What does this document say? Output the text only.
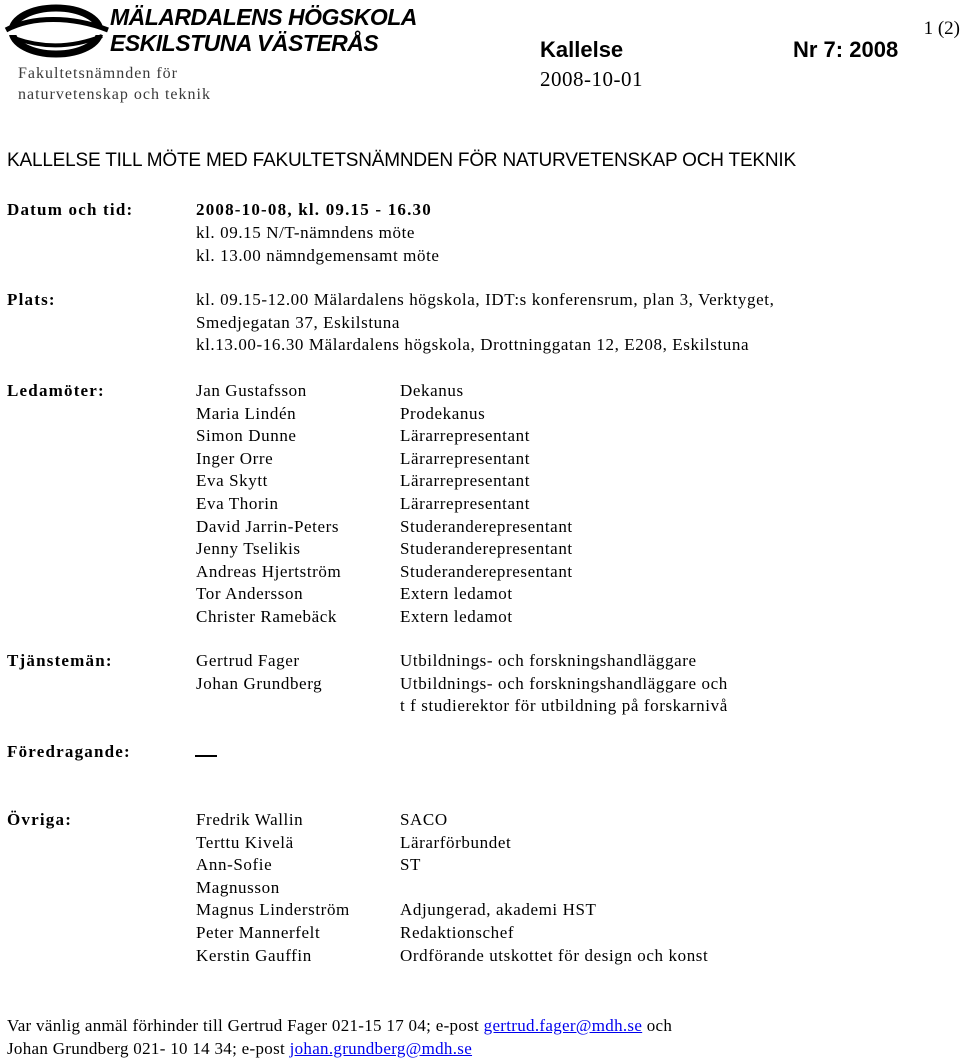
MÄLARDALENS HÖGSKOLA
ESKILSTUNA VÄSTERÅS
Fakultetsnämnden för
naturvetenskap och teknik
Kallelse	Nr 7: 2008
2008-10-01
1 (2)
KALLELSE TILL MÖTE MED FAKULTETSNÄMNDEN FÖR NATURVETENSKAP OCH TEKNIK
Datum och tid:	2008-10-08, kl. 09.15 - 16.30
kl. 09.15 N/T-nämndens möte
kl. 13.00 nämndgemensamt möte
Plats:	kl. 09.15-12.00 Mälardalens högskola, IDT:s konferensrum, plan 3, Verktyget,
Smedjegatan 37, Eskilstuna
kl.13.00-16.30 Mälardalens högskola, Drottninggatan 12, E208, Eskilstuna
Ledamöter:	Jan Gustafsson	Dekanus
Maria Lindén	Prodekanus
Simon Dunne	Lärarrepresentant
Inger Orre	Lärarrepresentant
Eva Skytt	Lärarrepresentant
Eva Thorin	Lärarrepresentant
David Jarrin-Peters	Studeranderepresentant
Jenny Tselikis	Studeranderepresentant
Andreas Hjertström	Studeranderepresentant
Tor Andersson	Extern ledamot
Christer Ramebäck	Extern ledamot
Tjänstemän:	Gertrud Fager	Utbildnings- och forskningshandläggare
Johan Grundberg	Utbildnings- och forskningshandläggare och
t f studierektor för utbildning på forskarnivå
Föredragande:
Övriga:	Fredrik Wallin	SACO
Terttu Kivelä	Lärarförbundet
Ann-Sofie	ST
Magnusson
Magnus Linderström	Adjungerad, akademi HST
Peter Mannerfelt	Redaktionschef
Kerstin Gauffin	Ordförande utskottet för design och konst
Var vänlig anmäl förhinder till Gertrud Fager 021-15 17 04; e-post gertrud.fager@mdh.se och
Johan Grundberg 021- 10 14 34; e-post johan.grundberg@mdh.se
